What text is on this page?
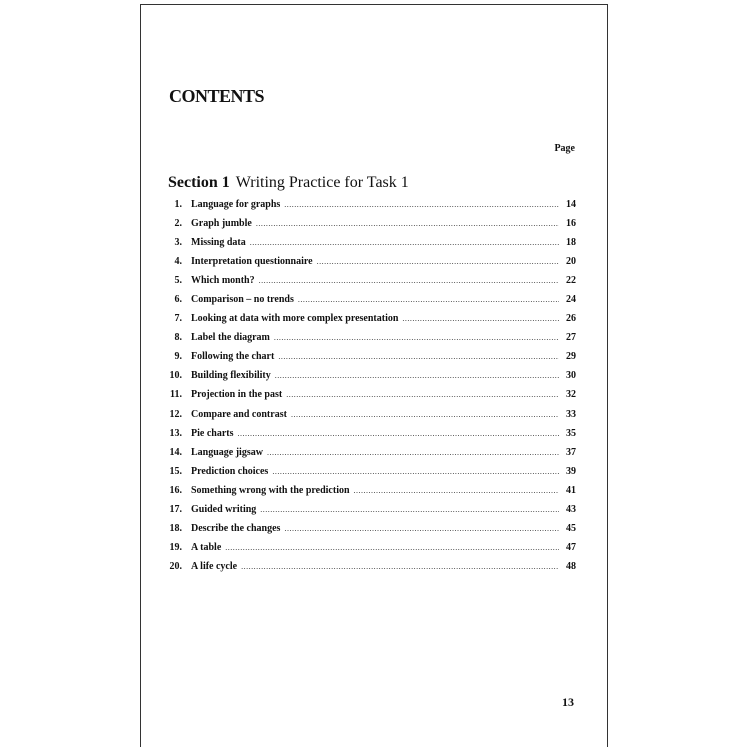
CONTENTS
Page
Section 1 Writing Practice for Task 1
1. Language for graphs .....	14
2. Graph jumble .....	16
3. Missing data .....	18
4. Interpretation questionnaire .....	20
5. Which month? .....	22
6. Comparison – no trends .....	24
7. Looking at data with more complex presentation .....	26
8. Label the diagram .....	27
9. Following the chart .....	29
10. Building flexibility .....	30
11. Projection in the past .....	32
12. Compare and contrast .....	33
13. Pie charts .....	35
14. Language jigsaw .....	37
15. Prediction choices .....	39
16. Something wrong with the prediction .....	41
17. Guided writing .....	43
18. Describe the changes .....	45
19. A table .....	47
20. A life cycle .....	48
13
